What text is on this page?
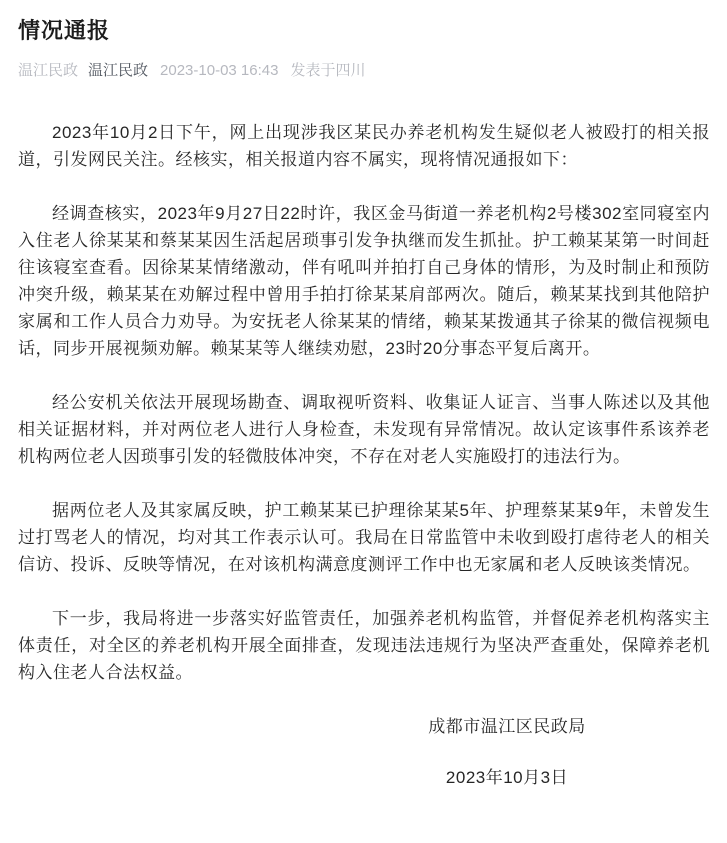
情况通报
温江民政 温江民政 2023-10-03 16:43 发表于四川

2023年10月2日下午，网上出现涉我区某民办养老机构发生疑似老人被殴打的相关报道，引发网民关注。经核实，相关报道内容不属实，现将情况通报如下：

经调查核实，2023年9月27日22时许，我区金马街道一养老机构2号楼302室同寝室内入住老人徐某某和蔡某某因生活起居琐事引发争执继而发生抓扯。护工赖某某第一时间赶往该寝室查看。因徐某某情绪激动，伴有吼叫并拍打自己身体的情形，为及时制止和预防冲突升级，赖某某在劝解过程中曾用手拍打徐某某肩部两次。随后，赖某某找到其他陪护家属和工作人员合力劝导。为安抚老人徐某某的情绪，赖某某拨通其子徐某的微信视频电话，同步开展视频劝解。赖某某等人继续劝慰，23时20分事态平复后离开。

经公安机关依法开展现场勘查、调取视听资料、收集证人证言、当事人陈述以及其他相关证据材料，并对两位老人进行人身检查，未发现有异常情况。故认定该事件系该养老机构两位老人因琐事引发的轻微肢体冲突，不存在对老人实施殴打的违法行为。

据两位老人及其家属反映，护工赖某某已护理徐某某5年、护理蔡某某9年，未曾发生过打骂老人的情况，均对其工作表示认可。我局在日常监管中未收到殴打虐待老人的相关信访、投诉、反映等情况，在对该机构满意度测评工作中也无家属和老人反映该类情况。

下一步，我局将进一步落实好监管责任，加强养老机构监管，并督促养老机构落实主体责任，对全区的养老机构开展全面排查，发现违法违规行为坚决严查重处，保障养老机构入住老人合法权益。

成都市温江区民政局
2023年10月3日
